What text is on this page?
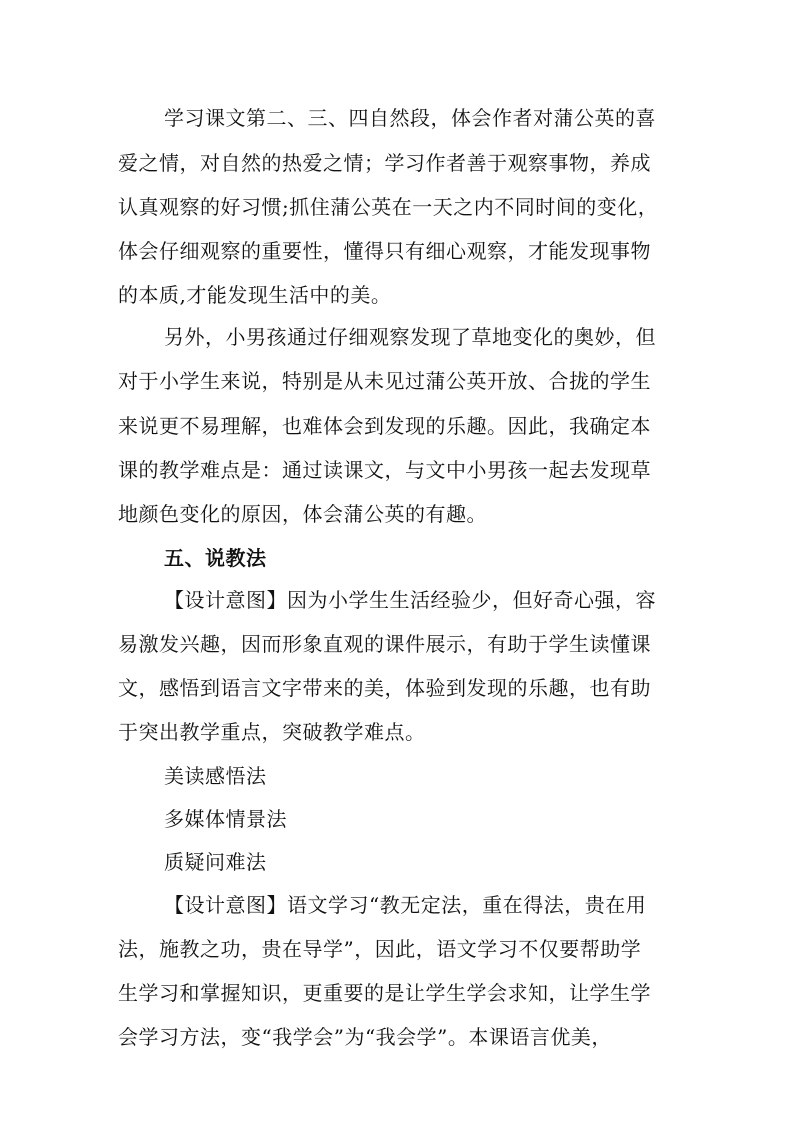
学习课文第二、三、四自然段，体会作者对蒲公英的喜
爱之情，对自然的热爱之情；学习作者善于观察事物，养成
认真观察的好习惯;抓住蒲公英在一天之内不同时间的变化，
体会仔细观察的重要性，懂得只有细心观察，才能发现事物
的本质,才能发现生活中的美。
另外，小男孩通过仔细观察发现了草地变化的奥妙，但
对于小学生来说，特别是从未见过蒲公英开放、合拢的学生
来说更不易理解，也难体会到发现的乐趣。因此，我确定本
课的教学难点是：通过读课文，与文中小男孩一起去发现草
地颜色变化的原因，体会蒲公英的有趣。
五、说教法
【设计意图】因为小学生生活经验少，但好奇心强，容
易激发兴趣，因而形象直观的课件展示，有助于学生读懂课
文，感悟到语言文字带来的美，体验到发现的乐趣，也有助
于突出教学重点，突破教学难点。
美读感悟法
多媒体情景法
质疑问难法
【设计意图】语文学习“教无定法，重在得法，贵在用
法，施教之功，贵在导学”，因此，语文学习不仅要帮助学
生学习和掌握知识，更重要的是让学生学会求知，让学生学
会学习方法，变“我学会”为“我会学”。本课语言优美，
